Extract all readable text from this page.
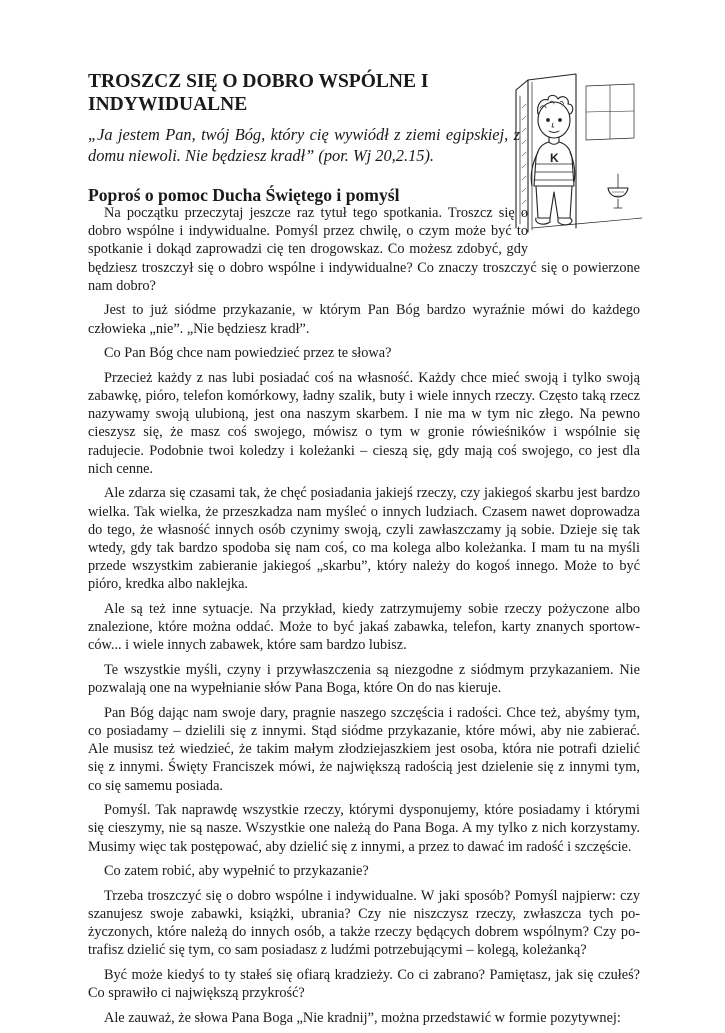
TROSZCZ SIĘ O DOBRO WSPÓLNE I INDYWIDUALNE

„Ja jestem Pan, twój Bóg, który cię wywiódł z ziemi egipskiej, z domu niewoli. Nie będziesz kradł” (por. Wj 20,2.15).

Poproś o pomoc Ducha Świętego i pomyśl

Na początku przeczytaj jeszcze raz tytuł tego spotkania. Troszcz się o dobro wspólne i indywidualne. Pomyśl przez chwilę, o czym może być to spotkanie i dokąd zaprowadzi cię ten drogowskaz. Co możesz zdobyć, gdy będziesz troszczył się o dobro wspólne i indywidualne? Co znaczy troszczyć się o powierzone nam dobro?

Jest to już siódme przykazanie, w którym Pan Bóg bardzo wyraźnie mówi do każdego człowieka „nie”. „Nie będziesz kradł”.

Co Pan Bóg chce nam powiedzieć przez te słowa?

Przecież każdy z nas lubi posiadać coś na własność. Każdy chce mieć swoją i tylko swoją zabawkę, pióro, telefon komórkowy, ładny szalik, buty i wiele innych rzeczy. Często taką rzecz nazywamy swoją ulubioną, jest ona naszym skarbem. I nie ma w tym nic złego. Na pewno cieszysz się, że masz coś swojego, mówisz o tym w gronie rówieśników i wspólnie się radujecie. Podobnie twoi koledzy i koleżanki – cieszą się, gdy mają coś swojego, co jest dla nich cenne.

Ale zdarza się czasami tak, że chęć posiadania jakiejś rzeczy, czy jakiegoś skarbu jest bardzo wielka. Tak wielka, że przeszkadza nam myśleć o innych ludziach. Czasem nawet doprowadza do tego, że własność innych osób czynimy swoją, czyli zawłaszczamy ją sobie. Dzieje się tak wtedy, gdy tak bardzo spodoba się nam coś, co ma kolega albo koleżanka. I mam tu na myśli przede wszystkim zabieranie jakiegoś „skarbu”, który należy do kogoś innego. Może to być pióro, kredka albo naklejka.

Ale są też inne sytuacje. Na przykład, kiedy zatrzymujemy sobie rzeczy pożyczone albo znalezione, które można oddać. Może to być jakaś zabawka, telefon, karty znanych sportowców... i wiele innych zabawek, które sam bardzo lubisz.

Te wszystkie myśli, czyny i przywłaszczenia są niezgodne z siódmym przykazaniem. Nie pozwalają one na wypełnianie słów Pana Boga, które On do nas kieruje.

Pan Bóg dając nam swoje dary, pragnie naszego szczęścia i radości. Chce też, abyśmy tym, co posiadamy – dzielili się z innymi. Stąd siódme przykazanie, które mówi, aby nie zabierać. Ale musisz też wiedzieć, że takim małym złodziejaszkiem jest osoba, która nie potrafi dzielić się z innymi. Święty Franciszek mówi, że największą radością jest dzielenie się z innymi tym, co się samemu posiada.

Pomyśl. Tak naprawdę wszystkie rzeczy, którymi dysponujemy, które posiadamy i którymi się cieszymy, nie są nasze. Wszystkie one należą do Pana Boga. A my tylko z nich korzystamy. Musimy więc tak postępować, aby dzielić się z innymi, a przez to dawać im radość i szczęście.

Co zatem robić, aby wypełnić to przykazanie?

Trzeba troszczyć się o dobro wspólne i indywidualne. W jaki sposób? Pomyśl najpierw: czy szanujesz swoje zabawki, książki, ubrania? Czy nie niszczysz rzeczy, zwłaszcza tych pożyczonych, które należą do innych osób, a także rzeczy będących dobrem wspólnym? Czy potrafisz dzielić się tym, co sam posiadasz z ludźmi potrzebującymi – kolegą, koleżanką?

Być może kiedyś to ty stałeś się ofiarą kradzieży. Co ci zabrano? Pamiętasz, jak się czułeś? Co sprawiło ci największą przykrość?

Ale zauważ, że słowa Pana Boga „Nie kradnij”, można przedstawić w formie pozytywnej:

K
